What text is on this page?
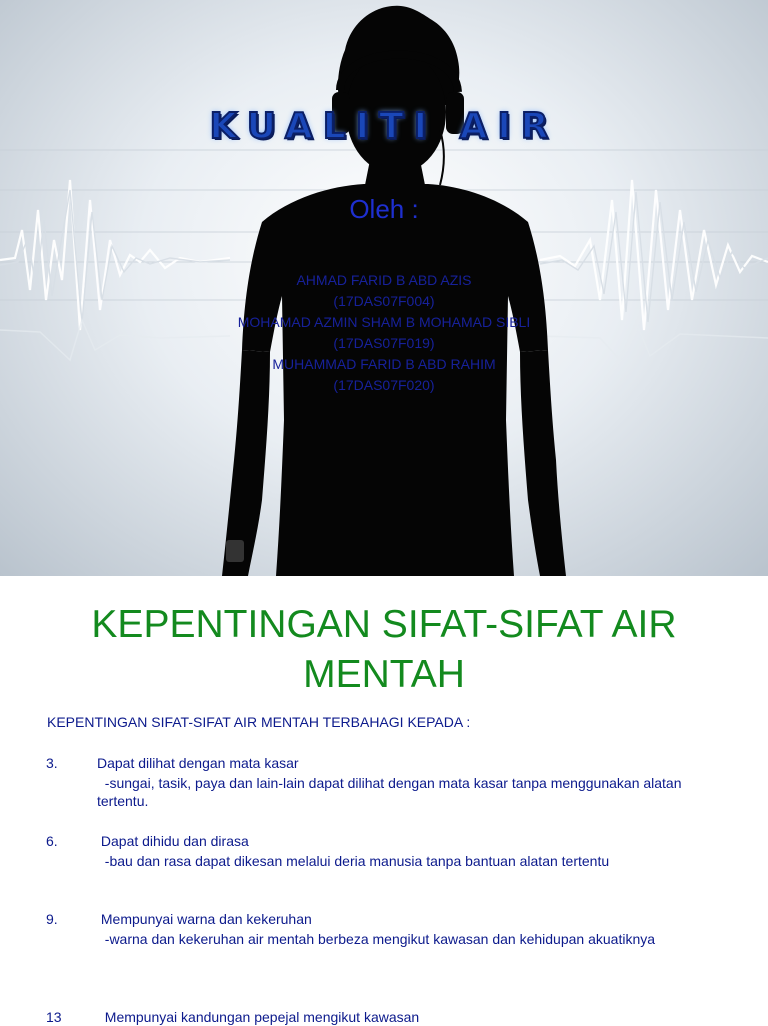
KUALITI AIR
Oleh :
AHMAD FARID B ABD AZIS
(17DAS07F004)
MOHAMAD AZMIN SHAM B MOHAMAD SIBLI
(17DAS07F019)
MUHAMMAD FARID B ABD RAHIM
(17DAS07F020)
KEPENTINGAN SIFAT-SIFAT AIR MENTAH
KEPENTINGAN SIFAT-SIFAT AIR MENTAH TERBAHAGI KEPADA :
3.	Dapat dilihat dengan mata kasar
-sungai, tasik, paya dan lain-lain dapat dilihat dengan mata kasar tanpa menggunakan alatan      tertentu.
6.	Dapat dihidu dan dirasa
-bau dan rasa dapat dikesan melalui deria manusia tanpa bantuan alatan tertentu
9.	Mempunyai warna dan kekeruhan
-warna dan kekeruhan air mentah berbeza mengikut kawasan dan kehidupan akuatiknya
13	Mempunyai kandungan pepejal mengikut kawasan
